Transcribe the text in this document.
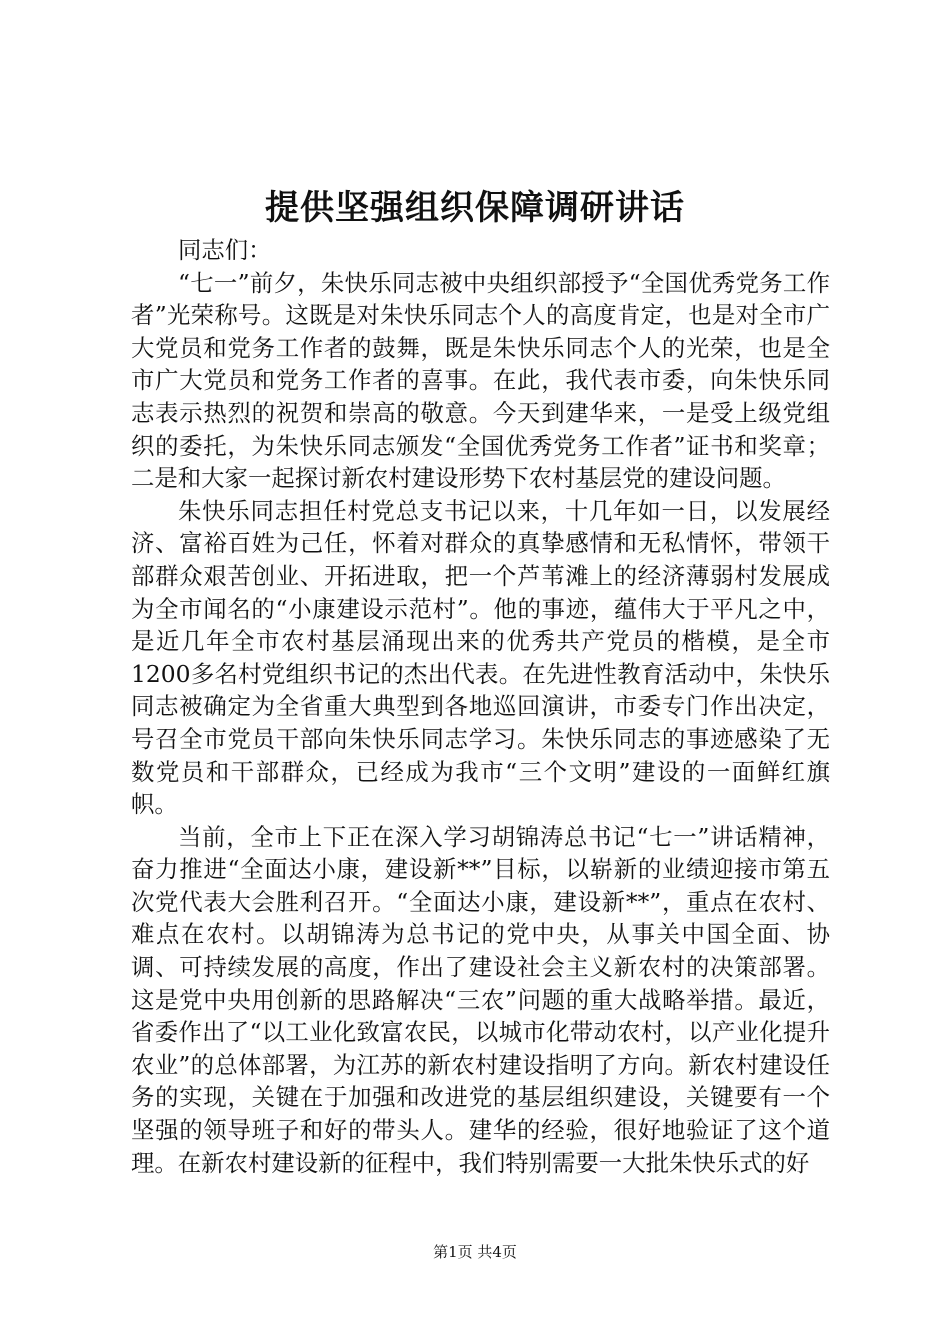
提供坚强组织保障调研讲话

同志们：

“七一”前夕，朱快乐同志被中央组织部授予“全国优秀党务工作者”光荣称号。这既是对朱快乐同志个人的高度肯定，也是对全市广大党员和党务工作者的鼓舞，既是朱快乐同志个人的光荣，也是全市广大党员和党务工作者的喜事。在此，我代表市委，向朱快乐同志表示热烈的祝贺和崇高的敬意。今天到建华来，一是受上级党组织的委托，为朱快乐同志颁发“全国优秀党务工作者”证书和奖章；二是和大家一起探讨新农村建设形势下农村基层党的建设问题。

朱快乐同志担任村党总支书记以来，十几年如一日，以发展经济、富裕百姓为己任，怀着对群众的真挚感情和无私情怀，带领干部群众艰苦创业、开拓进取，把一个芦苇滩上的经济薄弱村发展成为全市闻名的“小康建设示范村”。他的事迹，蕴伟大于平凡之中，是近几年全市农村基层涌现出来的优秀共产党员的楷模，是全市1200多名村党组织书记的杰出代表。在先进性教育活动中，朱快乐同志被确定为全省重大典型到各地巡回演讲，市委专门作出决定，号召全市党员干部向朱快乐同志学习。朱快乐同志的事迹感染了无数党员和干部群众，已经成为我市“三个文明”建设的一面鲜红旗帜。

当前，全市上下正在深入学习胡锦涛总书记“七一”讲话精神，奋力推进“全面达小康，建设新**”目标，以崭新的业绩迎接市第五次党代表大会胜利召开。“全面达小康，建设新**”，重点在农村、难点在农村。以胡锦涛为总书记的党中央，从事关中国全面、协调、可持续发展的高度，作出了建设社会主义新农村的决策部署。这是党中央用创新的思路解决“三农”问题的重大战略举措。最近，省委作出了“以工业化致富农民，以城市化带动农村，以产业化提升农业”的总体部署，为江苏的新农村建设指明了方向。新农村建设任务的实现，关键在于加强和改进党的基层组织建设，关键要有一个坚强的领导班子和好的带头人。建华的经验，很好地验证了这个道理。在新农村建设新的征程中，我们特别需要一大批朱快乐式的好

第1页 共4页
